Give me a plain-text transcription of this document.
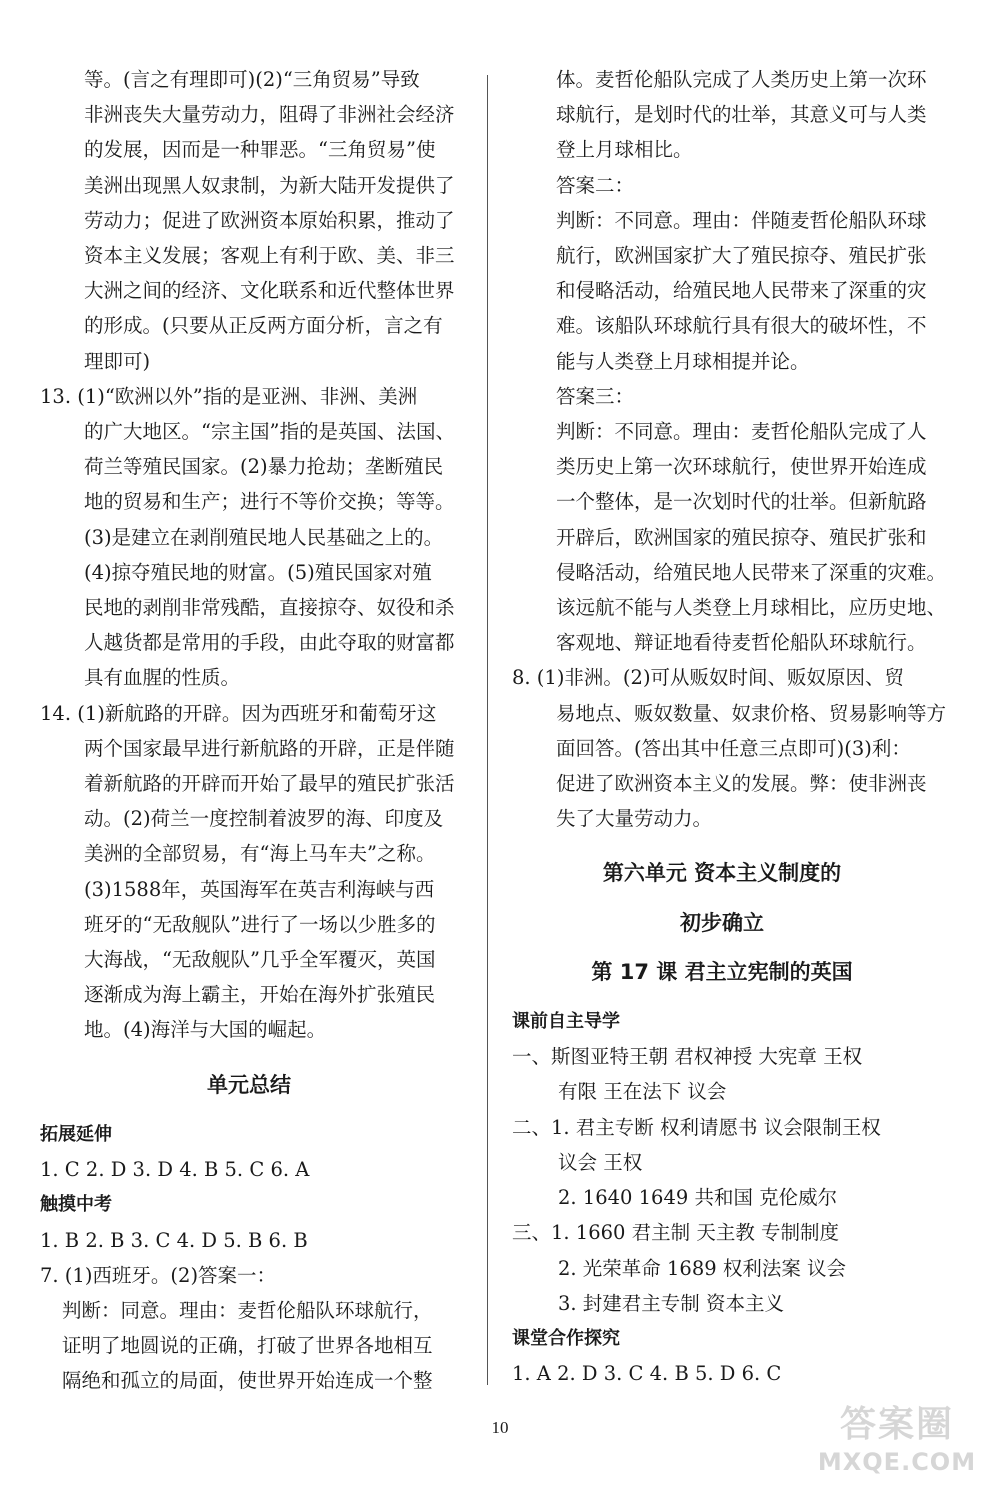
等。(言之有理即可)(2)“三角贸易”导致
非洲丧失大量劳动力，阻碍了非洲社会经济
的发展，因而是一种罪恶。“三角贸易”使
美洲出现黑人奴隶制，为新大陆开发提供了
劳动力；促进了欧洲资本原始积累，推动了
资本主义发展；客观上有利于欧、美、非三
大洲之间的经济、文化联系和近代整体世界
的形成。(只要从正反两方面分析，言之有
理即可)
13. (1)“欧洲以外”指的是亚洲、非洲、美洲
的广大地区。“宗主国”指的是英国、法国、
荷兰等殖民国家。(2)暴力抢劫；垄断殖民
地的贸易和生产；进行不等价交换；等等。
(3)是建立在剥削殖民地人民基础之上的。
(4)掠夺殖民地的财富。(5)殖民国家对殖
民地的剥削非常残酷，直接掠夺、奴役和杀
人越货都是常用的手段，由此夺取的财富都
具有血腥的性质。
14. (1)新航路的开辟。因为西班牙和葡萄牙这
两个国家最早进行新航路的开辟，正是伴随
着新航路的开辟而开始了最早的殖民扩张活
动。(2)荷兰一度控制着波罗的海、印度及
美洲的全部贸易，有“海上马车夫”之称。
(3)1588年，英国海军在英吉利海峡与西
班牙的“无敌舰队”进行了一场以少胜多的
大海战，“无敌舰队”几乎全军覆灭，英国
逐渐成为海上霸主，开始在海外扩张殖民
地。(4)海洋与大国的崛起。
单元总结
拓展延伸
1. C 2. D 3. D 4. B 5. C 6. A
触摸中考
1. B 2. B 3. C 4. D 5. B 6. B
7. (1)西班牙。(2)答案一：
判断：同意。理由：麦哲伦船队环球航行，
证明了地圆说的正确，打破了世界各地相互
隔绝和孤立的局面，使世界开始连成一个整
体。麦哲伦船队完成了人类历史上第一次环
球航行，是划时代的壮举，其意义可与人类
登上月球相比。
答案二：
判断：不同意。理由：伴随麦哲伦船队环球
航行，欧洲国家扩大了殖民掠夺、殖民扩张
和侵略活动，给殖民地人民带来了深重的灾
难。该船队环球航行具有很大的破坏性，不
能与人类登上月球相提并论。
答案三：
判断：不同意。理由：麦哲伦船队完成了人
类历史上第一次环球航行，使世界开始连成
一个整体，是一次划时代的壮举。但新航路
开辟后，欧洲国家的殖民掠夺、殖民扩张和
侵略活动，给殖民地人民带来了深重的灾难。
该远航不能与人类登上月球相比，应历史地、
客观地、辩证地看待麦哲伦船队环球航行。
8. (1)非洲。(2)可从贩奴时间、贩奴原因、贸
易地点、贩奴数量、奴隶价格、贸易影响等方
面回答。(答出其中任意三点即可)(3)利：
促进了欧洲资本主义的发展。弊：使非洲丧
失了大量劳动力。
第六单元 资本主义制度的
初步确立
第 17 课 君主立宪制的英国
课前自主导学
一、斯图亚特王朝 君权神授 大宪章 王权
有限 王在法下 议会
二、1. 君主专断 权利请愿书 议会限制王权
议会 王权
2. 1640 1649 共和国 克伦威尔
三、1. 1660 君主制 天主教 专制制度
2. 光荣革命 1689 权利法案 议会
3. 封建君主专制 资本主义
课堂合作探究
1. A 2. D 3. C 4. B 5. D 6. C
10	答案圈
MXQE.COM
